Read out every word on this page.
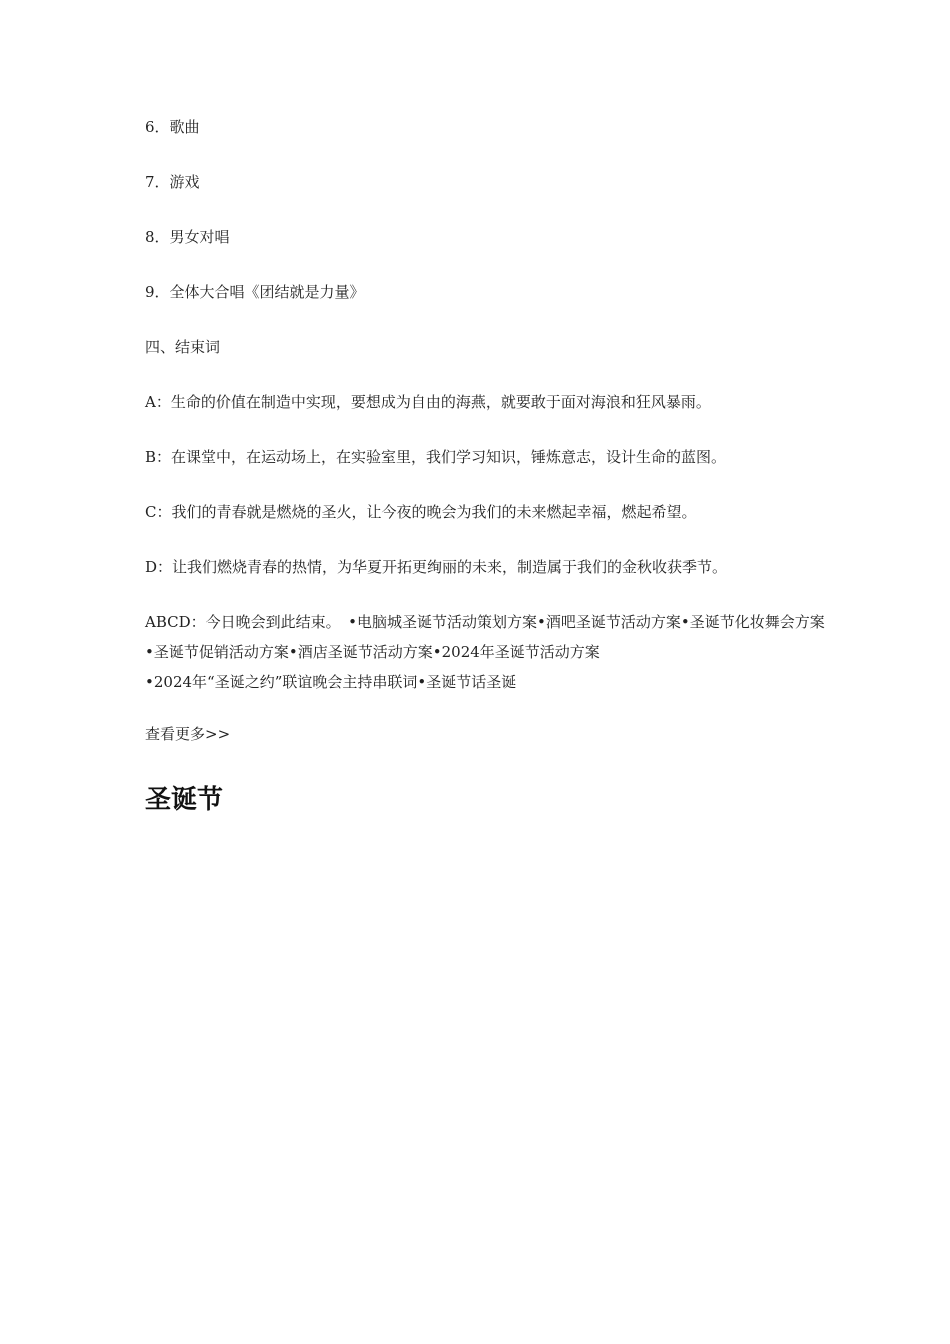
6．歌曲

7．游戏

8．男女对唱

9．全体大合唱《团结就是力量》

四、结束词

A：生命的价值在制造中实现，要想成为自由的海燕，就要敢于面对海浪和狂风暴雨。

B：在课堂中，在运动场上，在实验室里，我们学习知识，锤炼意志，设计生命的蓝图。

C：我们的青春就是燃烧的圣火，让今夜的晚会为我们的未来燃起幸福，燃起希望。

D：让我们燃烧青春的热情，为华夏开拓更绚丽的未来，制造属于我们的金秋收获季节。

ABCD：今日晚会到此结束。　 •电脑城圣诞节活动策划方案•酒吧圣诞节活动方案•圣诞节化妆舞会方案•圣诞节促销活动方案•酒店圣诞节活动方案•2024年圣诞节活动方案
•2024年“圣诞之约”联谊晚会主持串联词•圣诞节话圣诞

查看更多>>
圣诞节
